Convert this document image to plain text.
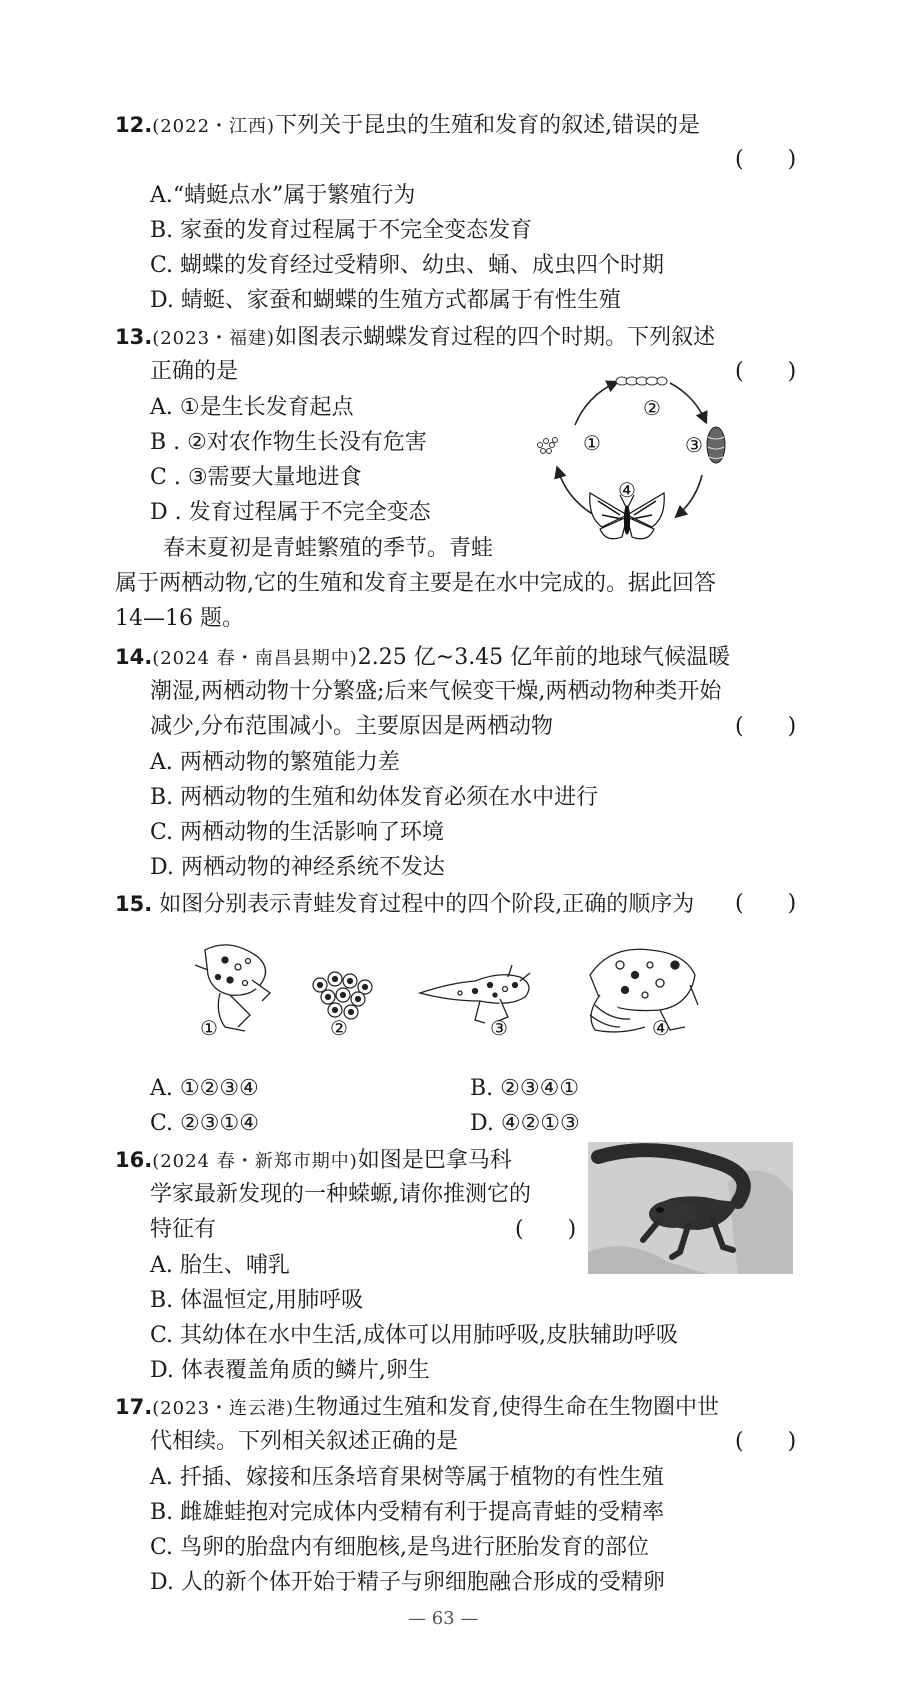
12.(2022・江西)下列关于昆虫的生殖和发育的叙述,错误的是
(　　)
A.“蜻蜓点水”属于繁殖行为
B. 家蚕的发育过程属于不完全变态发育
C. 蝴蝶的发育经过受精卵、幼虫、蛹、成虫四个时期
D. 蜻蜓、家蚕和蝴蝶的生殖方式都属于有性生殖
13.(2023・福建)如图表示蝴蝶发育过程的四个时期。下列叙述
正确的是	(　　)
A. ①是生长发育起点
B . ②对农作物生长没有危害
C . ③需要大量地进食
D . 发育过程属于不完全变态
①
②
③
④
春末夏初是青蛙繁殖的季节。青蛙
属于两栖动物,它的生殖和发育主要是在水中完成的。据此回答
14—16 题。
14.(2024 春・南昌县期中)2.25 亿~3.45 亿年前的地球气候温暖
潮湿,两栖动物十分繁盛;后来气候变干燥,两栖动物种类开始
减少,分布范围减小。主要原因是两栖动物	(　　)
A. 两栖动物的繁殖能力差
B. 两栖动物的生殖和幼体发育必须在水中进行
C. 两栖动物的生活影响了环境
D. 两栖动物的神经系统不发达
15. 如图分别表示青蛙发育过程中的四个阶段,正确的顺序为 (　　)
①	②	③	④
A. ①②③④	B. ②③④①
C. ②③①④	D. ④②①③
16.(2024 春・新郑市期中)如图是巴拿马科
学家最新发现的一种蝾螈,请你推测它的
特征有	(　　)
A. 胎生、哺乳
B. 体温恒定,用肺呼吸
C. 其幼体在水中生活,成体可以用肺呼吸,皮肤辅助呼吸
D. 体表覆盖角质的鳞片,卵生
17.(2023・连云港)生物通过生殖和发育,使得生命在生物圈中世
代相续。下列相关叙述正确的是	(　　)
A. 扦插、嫁接和压条培育果树等属于植物的有性生殖
B. 雌雄蛙抱对完成体内受精有利于提高青蛙的受精率
C. 鸟卵的胎盘内有细胞核,是鸟进行胚胎发育的部位
D. 人的新个体开始于精子与卵细胞融合形成的受精卵
— 63 —
